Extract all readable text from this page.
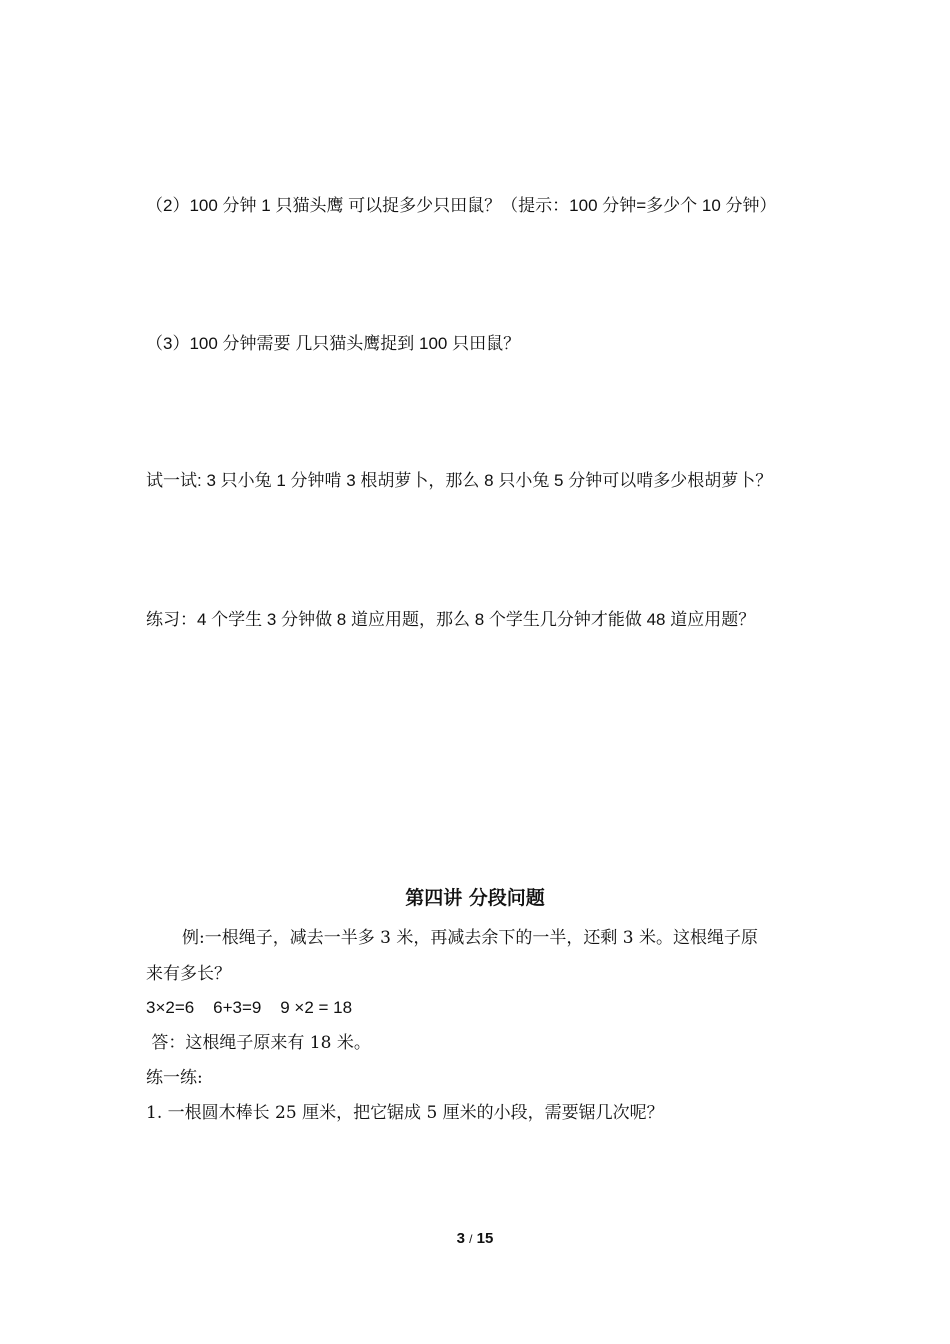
（2）100 分钟 1 只猫头鹰 可以捉多少只田鼠？（提示：100 分钟=多少个 10 分钟）
（3）100 分钟需要 几只猫头鹰捉到 100 只田鼠？
试一试: 3 只小兔 1 分钟啃 3 根胡萝卜，那么 8 只小兔 5 分钟可以啃多少根胡萝卜？
练习：4 个学生 3 分钟做 8 道应用题，那么 8 个学生几分钟才能做 48 道应用题？
第四讲 分段问题
例:一根绳子，减去一半多 3 米，再减去余下的一半，还剩 3 米。这根绳子原
来有多长？
3×2=6    6+3=9    9 ×2 = 18
答：这根绳子原来有 18 米。
练一练:
1. 一根圆木棒长 25 厘米，把它锯成 5 厘米的小段，需要锯几次呢？
3 / 15
